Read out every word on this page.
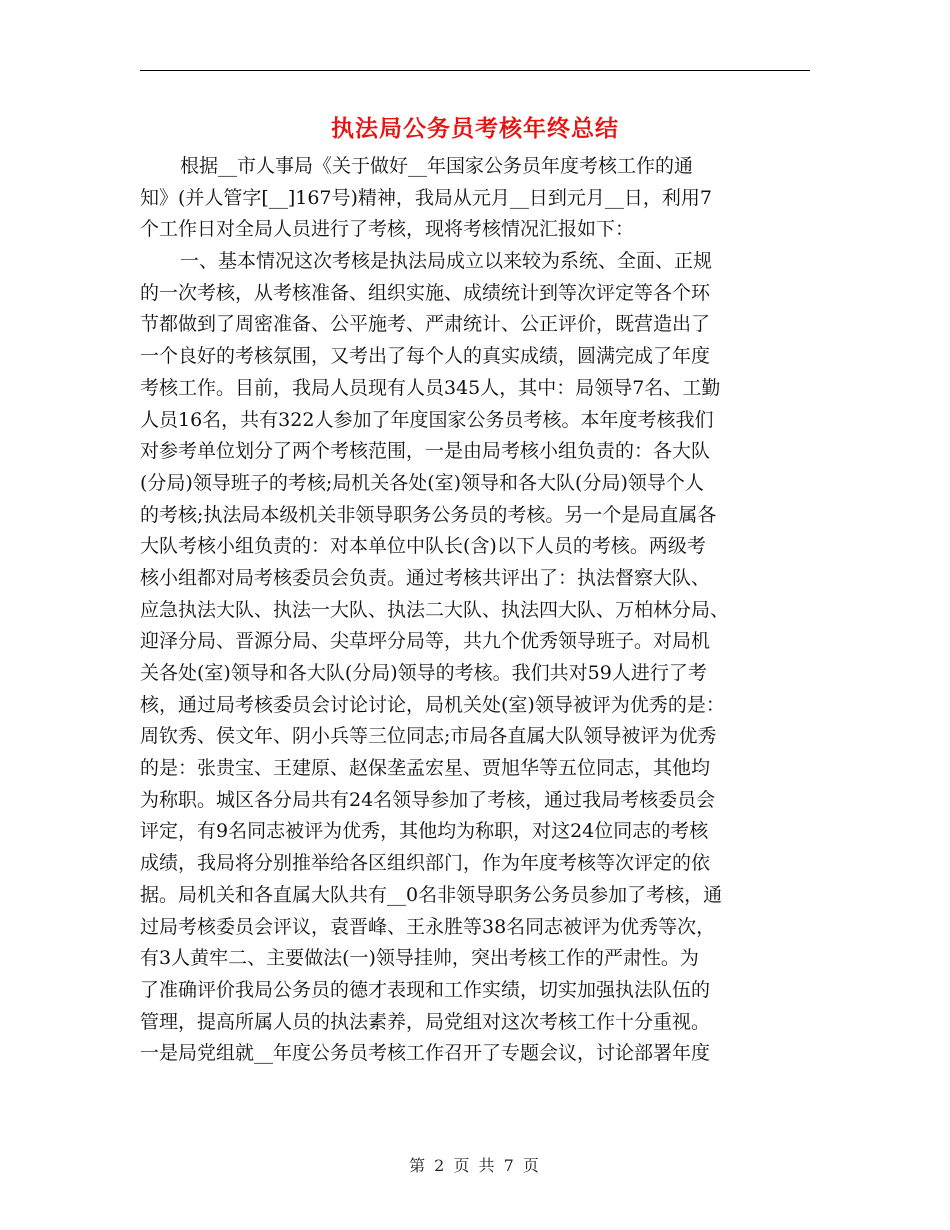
执法局公务员考核年终总结
根据__市人事局《关于做好__年国家公务员年度考核工作的通
知》(并人管字[__]167号)精神，我局从元月__日到元月__日，利用7
个工作日对全局人员进行了考核，现将考核情况汇报如下：
一、基本情况这次考核是执法局成立以来较为系统、全面、正规
的一次考核，从考核准备、组织实施、成绩统计到等次评定等各个环
节都做到了周密准备、公平施考、严肃统计、公正评价，既营造出了
一个良好的考核氛围，又考出了每个人的真实成绩，圆满完成了年度
考核工作。目前，我局人员现有人员345人，其中：局领导7名、工勤
人员16名，共有322人参加了年度国家公务员考核。本年度考核我们
对参考单位划分了两个考核范围，一是由局考核小组负责的：各大队
(分局)领导班子的考核;局机关各处(室)领导和各大队(分局)领导个人
的考核;执法局本级机关非领导职务公务员的考核。另一个是局直属各
大队考核小组负责的：对本单位中队长(含)以下人员的考核。两级考
核小组都对局考核委员会负责。通过考核共评出了：执法督察大队、
应急执法大队、执法一大队、执法二大队、执法四大队、万柏林分局、
迎泽分局、晋源分局、尖草坪分局等，共九个优秀领导班子。对局机
关各处(室)领导和各大队(分局)领导的考核。我们共对59人进行了考
核，通过局考核委员会讨论讨论，局机关处(室)领导被评为优秀的是：
周钦秀、侯文年、阴小兵等三位同志;市局各直属大队领导被评为优秀
的是：张贵宝、王建原、赵保垄孟宏星、贾旭华等五位同志，其他均
为称职。城区各分局共有24名领导参加了考核，通过我局考核委员会
评定，有9名同志被评为优秀，其他均为称职，对这24位同志的考核
成绩，我局将分别推举给各区组织部门，作为年度考核等次评定的依
据。局机关和各直属大队共有__0名非领导职务公务员参加了考核，通
过局考核委员会评议，袁晋峰、王永胜等38名同志被评为优秀等次，
有3人黄牢二、主要做法(一)领导挂帅，突出考核工作的严肃性。为
了准确评价我局公务员的德才表现和工作实绩，切实加强执法队伍的
管理，提高所属人员的执法素养，局党组对这次考核工作十分重视。
一是局党组就__年度公务员考核工作召开了专题会议，讨论部署年度
第 2 页 共 7 页
